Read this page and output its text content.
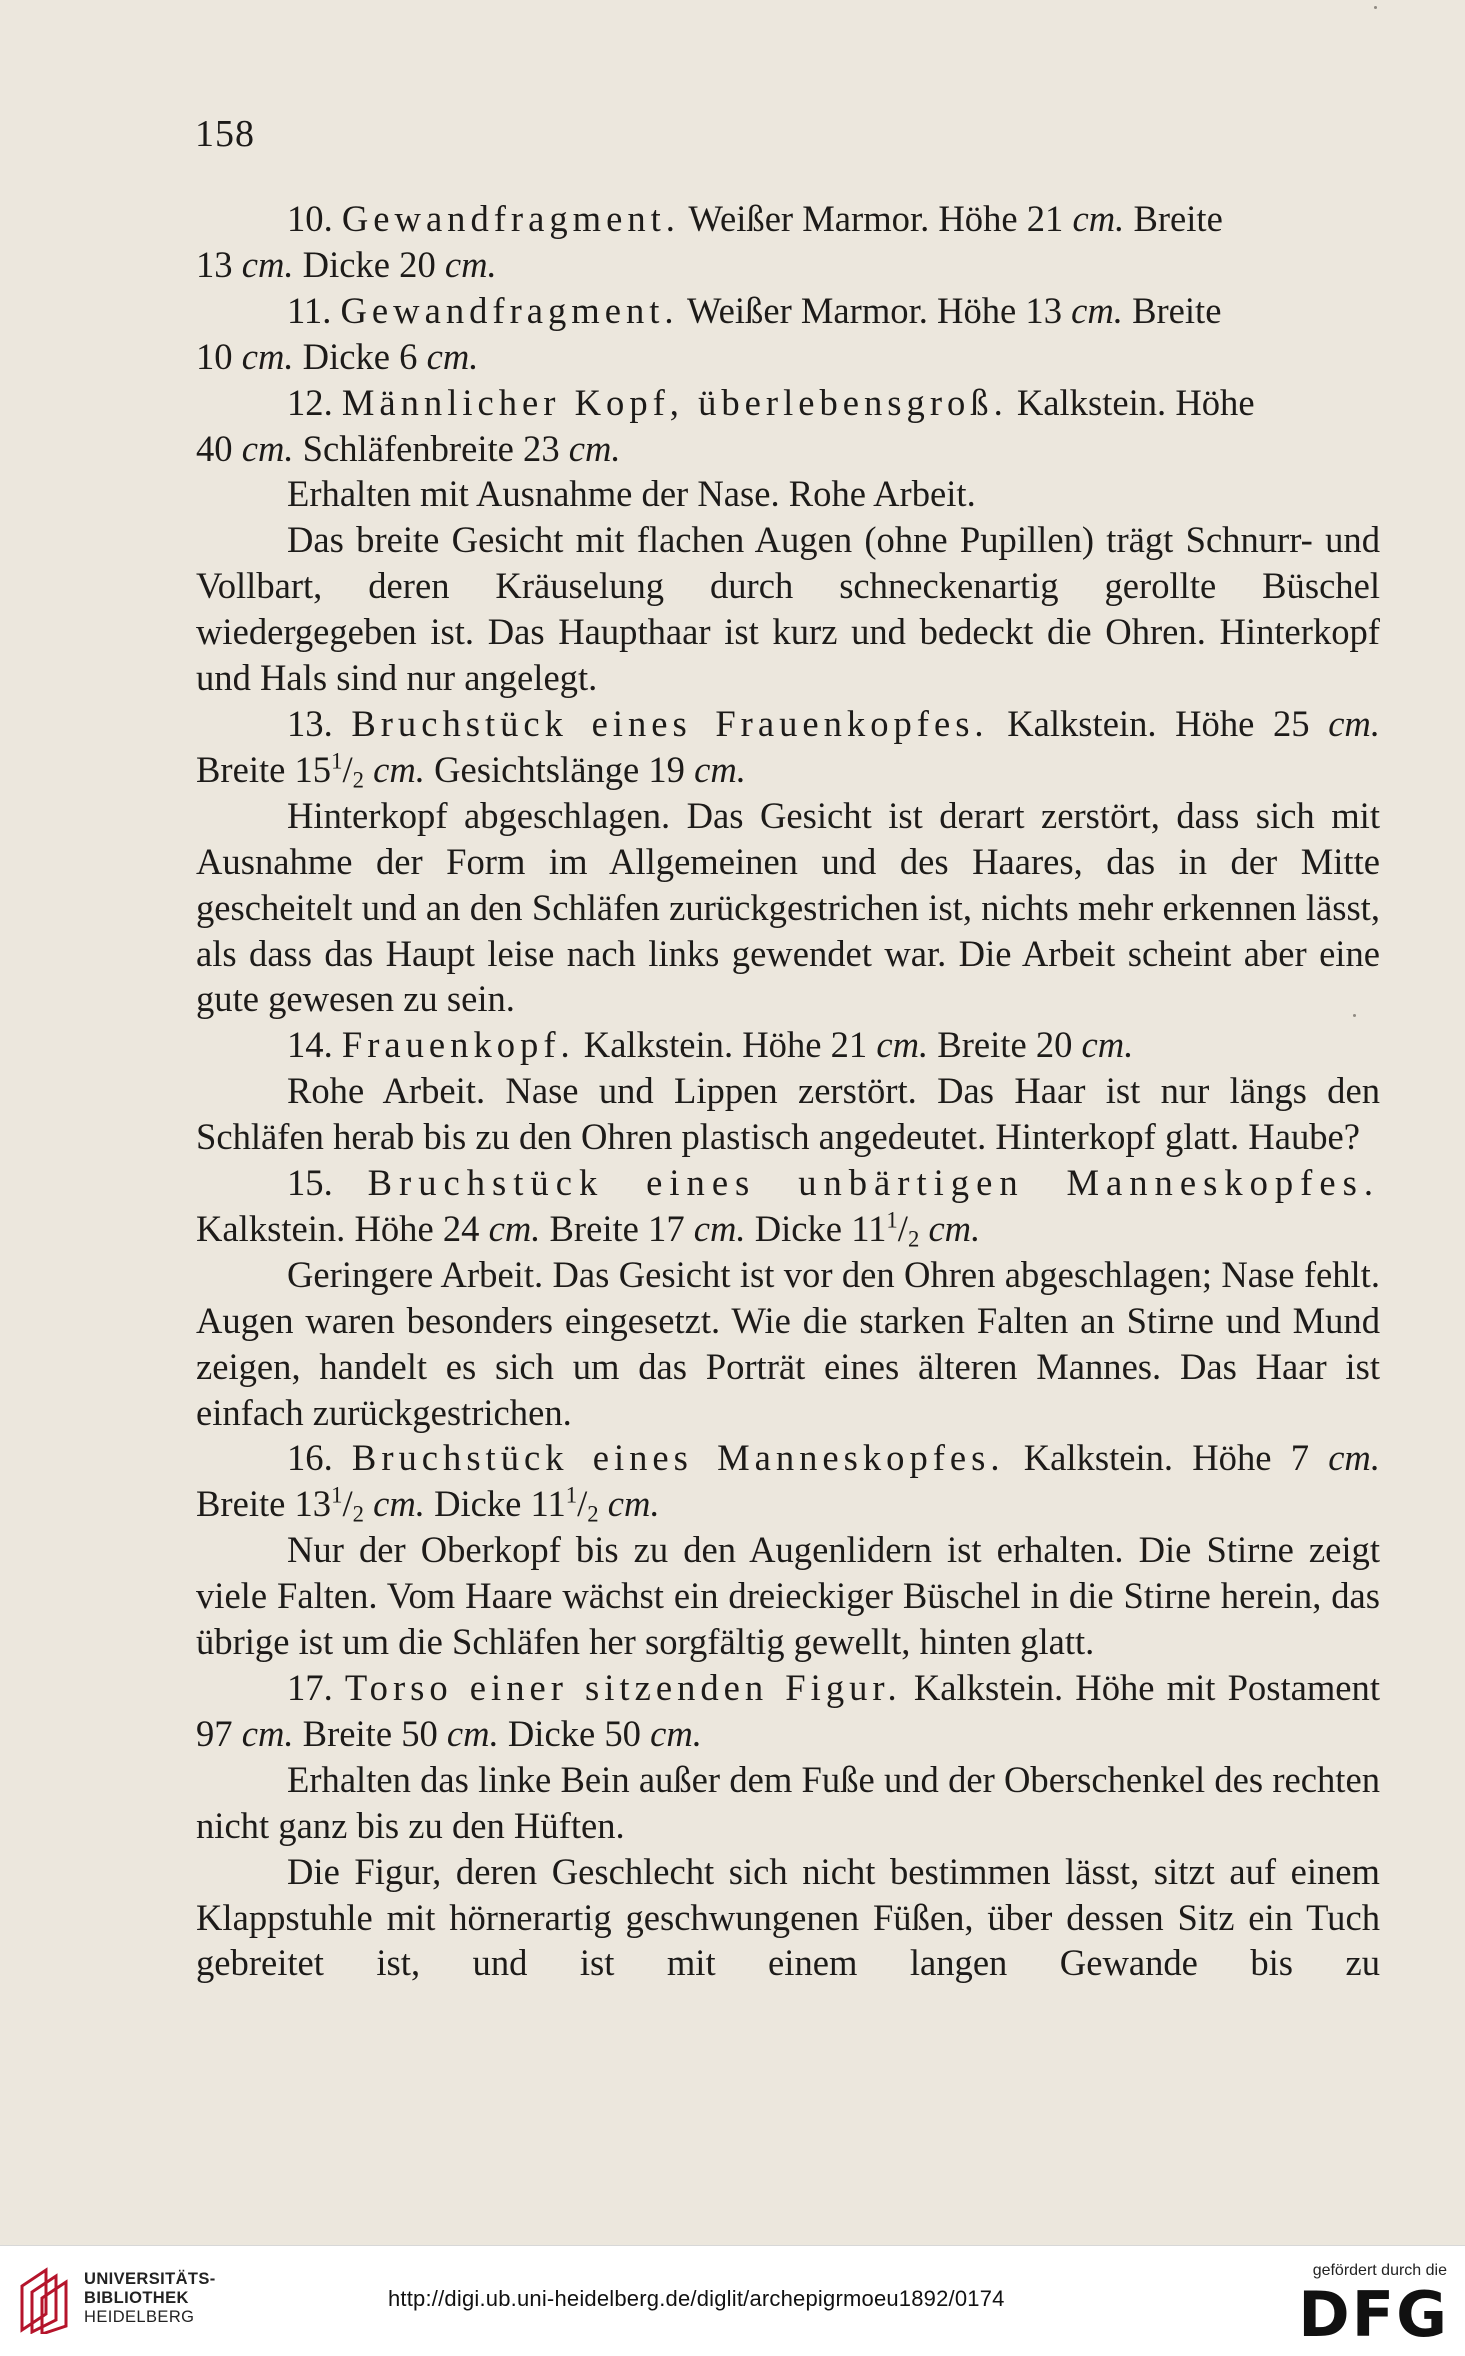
158

10. Gewandfragment. Weißer Marmor. Höhe 21 cm. Breite

13 cm. Dicke 20 cm.

11. Gewandfragment. Weißer Marmor. Höhe 13 cm. Breite

10 cm. Dicke 6 cm.

12. Männlicher Kopf, überlebensgroß. Kalkstein. Höhe

40 cm. Schläfenbreite 23 cm.

Erhalten mit Ausnahme der Nase. Rohe Arbeit.

Das breite Gesicht mit flachen Augen (ohne Pupillen) trägt Schnurr- und Vollbart, deren Kräuselung durch schneckenartig gerollte Büschel wiedergegeben ist. Das Haupthaar ist kurz und bedeckt die Ohren. Hinterkopf und Hals sind nur angelegt.

13. Bruchstück eines Frauenkopfes. Kalkstein. Höhe 25 cm. Breite $15^1/_2$ cm. Gesichtslänge 19 cm.

Hinterkopf abgeschlagen. Das Gesicht ist derart zerstört, dass sich mit Ausnahme der Form im Allgemeinen und des Haares, das in der Mitte gescheitelt und an den Schläfen zurückgestrichen ist, nichts mehr erkennen lässt, als dass das Haupt leise nach links gewendet war. Die Arbeit scheint aber eine gute gewesen zu sein.

14. Frauenkopf. Kalkstein. Höhe 21 cm. Breite 20 cm.

Rohe Arbeit. Nase und Lippen zerstört. Das Haar ist nur längs den Schläfen herab bis zu den Ohren plastisch angedeutet. Hinterkopf glatt. Haube?

15. Bruchstück eines unbärtigen Manneskopfes. Kalkstein. Höhe 24 cm. Breite 17 cm. Dicke $11^1/_2$ cm.

Geringere Arbeit. Das Gesicht ist vor den Ohren abgeschlagen; Nase fehlt. Augen waren besonders eingesetzt. Wie die starken Falten an Stirne und Mund zeigen, handelt es sich um das Porträt eines älteren Mannes. Das Haar ist einfach zurückgestrichen.

16. Bruchstück eines Manneskopfes. Kalkstein. Höhe 7 cm. Breite $13^1/_2$ cm. Dicke $11^1/_2$ cm.

Nur der Oberkopf bis zu den Augenlidern ist erhalten. Die Stirne zeigt viele Falten. Vom Haare wächst ein dreieckiger Büschel in die Stirne herein, das übrige ist um die Schläfen her sorgfältig gewellt, hinten glatt.

17. Torso einer sitzenden Figur. Kalkstein. Höhe mit Postament 97 cm. Breite 50 cm. Dicke 50 cm.

Erhalten das linke Bein außer dem Fuße und der Oberschenkel des rechten nicht ganz bis zu den Hüften.

Die Figur, deren Geschlecht sich nicht bestimmen lässt, sitzt auf einem Klappstuhle mit hörnerartig geschwungenen Füßen, über dessen Sitz ein Tuch gebreitet ist, und ist mit einem langen Gewande bis zu

UNIVERSITÄTS-
BIBLIOTHEK
HEIDELBERG
http://digi.ub.uni-heidelberg.de/diglit/archepigrmoeu1892/0174
gefördert durch die
DFG
